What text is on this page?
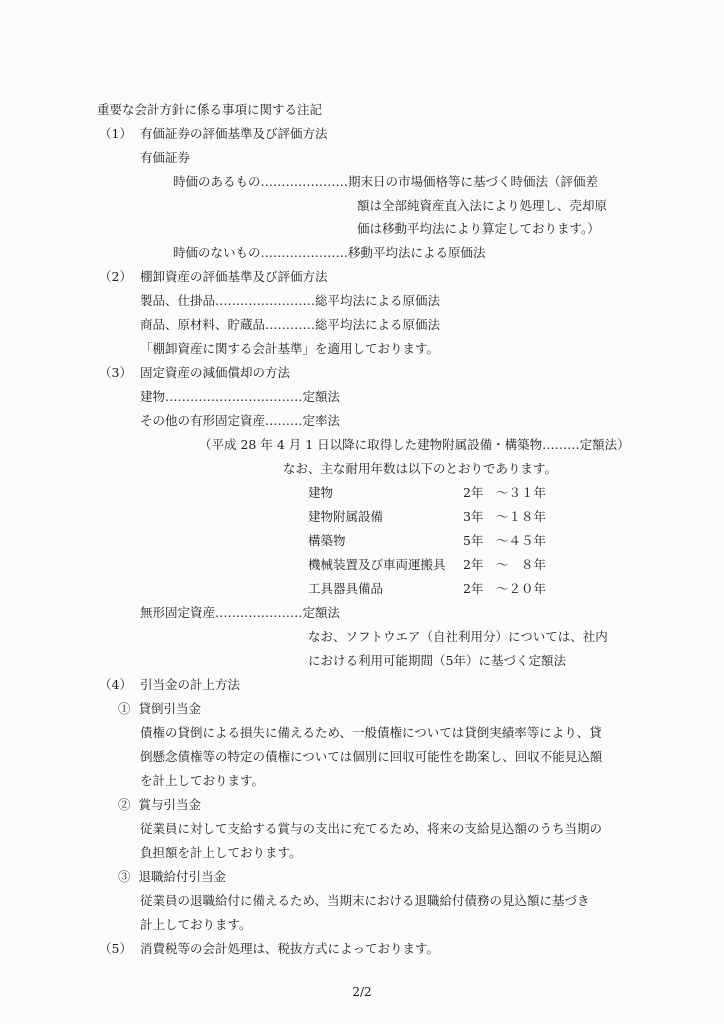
重要な会計方針に係る事項に関する注記
（1） 有価証券の評価基準及び評価方法
有価証券
時価のあるもの…………………期末日の市場価格等に基づく時価法（評価差
額は全部純資産直入法により処理し、売却原
価は移動平均法により算定しております。）
時価のないもの…………………移動平均法による原価法
（2） 棚卸資産の評価基準及び評価方法
製品、仕掛品……………………総平均法による原価法
商品、原材料、貯蔵品…………総平均法による原価法
「棚卸資産に関する会計基準」を適用しております。
（3） 固定資産の減価償却の方法
建物……………………………定額法
その他の有形固定資産………定率法
（平成 28 年 4 月 1 日以降に取得した建物附属設備・構築物………定額法）
なお、主な耐用年数は以下のとおりであります。
建物	2年　～３１年
建物附属設備	3年　～１８年
構築物	5年　～４５年
機械装置及び車両運搬具 2年　～　８年
工具器具備品	2年　～２０年
無形固定資産…………………定額法
なお、ソフトウエア（自社利用分）については、社内
における利用可能期間（5年）に基づく定額法
（4） 引当金の計上方法
①  貸倒引当金
債権の貸倒による損失に備えるため、一般債権については貸倒実績率等により、貸
倒懸念債権等の特定の債権については個別に回収可能性を勘案し、回収不能見込額
を計上しております。
②  賞与引当金
従業員に対して支給する賞与の支出に充てるため、将来の支給見込額のうち当期の
負担額を計上しております。
③  退職給付引当金
従業員の退職給付に備えるため、当期末における退職給付債務の見込額に基づき
計上しております。
（5） 消費税等の会計処理は、税抜方式によっております。
2/2
